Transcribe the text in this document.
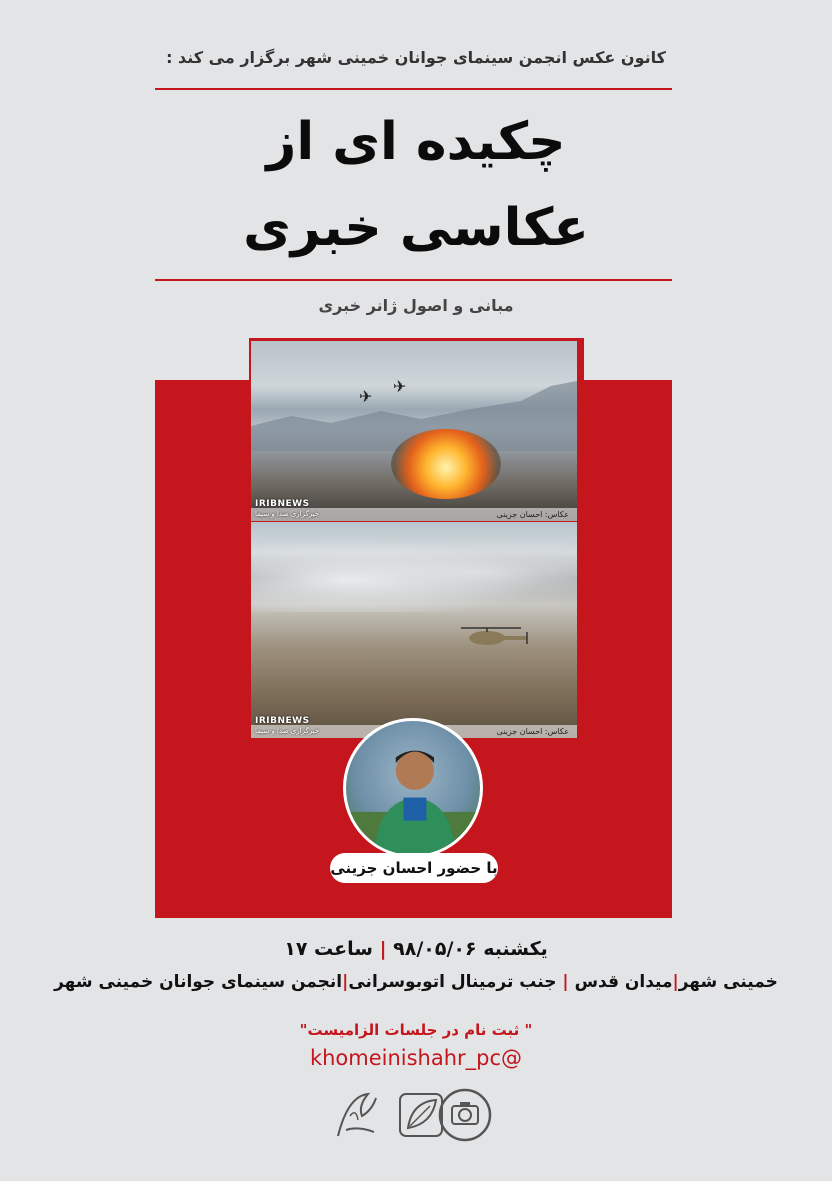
کانون عکس انجمن سینمای جوانان خمینی شهر برگزار می کند :
چکیده ای از
عکاسی خبری
مبانی و اصول ژانر خبری
✈
✈
IRIBNEWS
خبرگزاری صدا و سیما	عکاس: احسان جزینی
IRIBNEWS
خبرگزاری صدا و سیما	عکاس: احسان جزینی
با حضور احسان جزینی
یکشنبه ۹۸/۰۵/۰۶ | ساعت ۱۷
خمینی شهر|میدان قدس | جنب ترمینال اتوبوسرانی|انجمن سینمای جوانان خمینی شهر
" ثبت نام در جلسات الزامیست"
khomeinishahr_pc@
